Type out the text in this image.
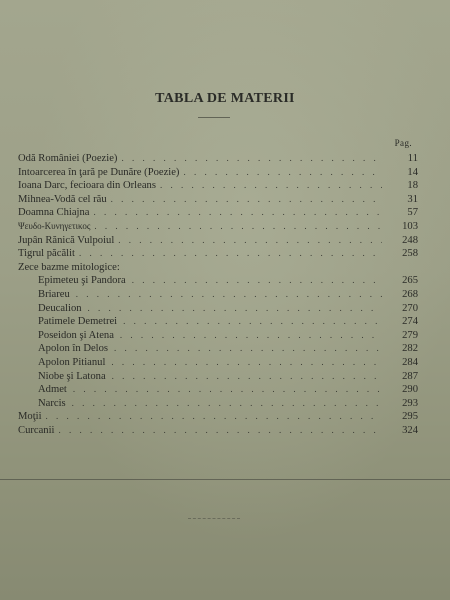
TABLA DE MATERII
Pag.
Odă României (Poezie) . . .	11
Intoarcerea în ţară pe Dunăre (Poezie) . . .	14
Ioana Darc, fecioara din Orleans . . .	18
Mihnea-Vodă cel rău . . .	31
Doamna Chiajna . . .	57
Ψευδο-Κυνηγετικος . . .	103
Jupân Rănică Vulpoiul . . .	248
Tigrul păcălit . . .	258
Zece bazme mitologice:
Epimeteu şi Pandora . . .	265
Briareu . . .	268
Deucalion . . .	270
Patimele Demetrei . . .	274
Poseidon şi Atena . . .	279
Apolon în Delos . . .	282
Apolon Pitianul . . .	284
Niobe şi Latona . . .	287
Admet . . .	290
Narcis . . .	293
Moţii . . .	295
Curcanii . . .	324
